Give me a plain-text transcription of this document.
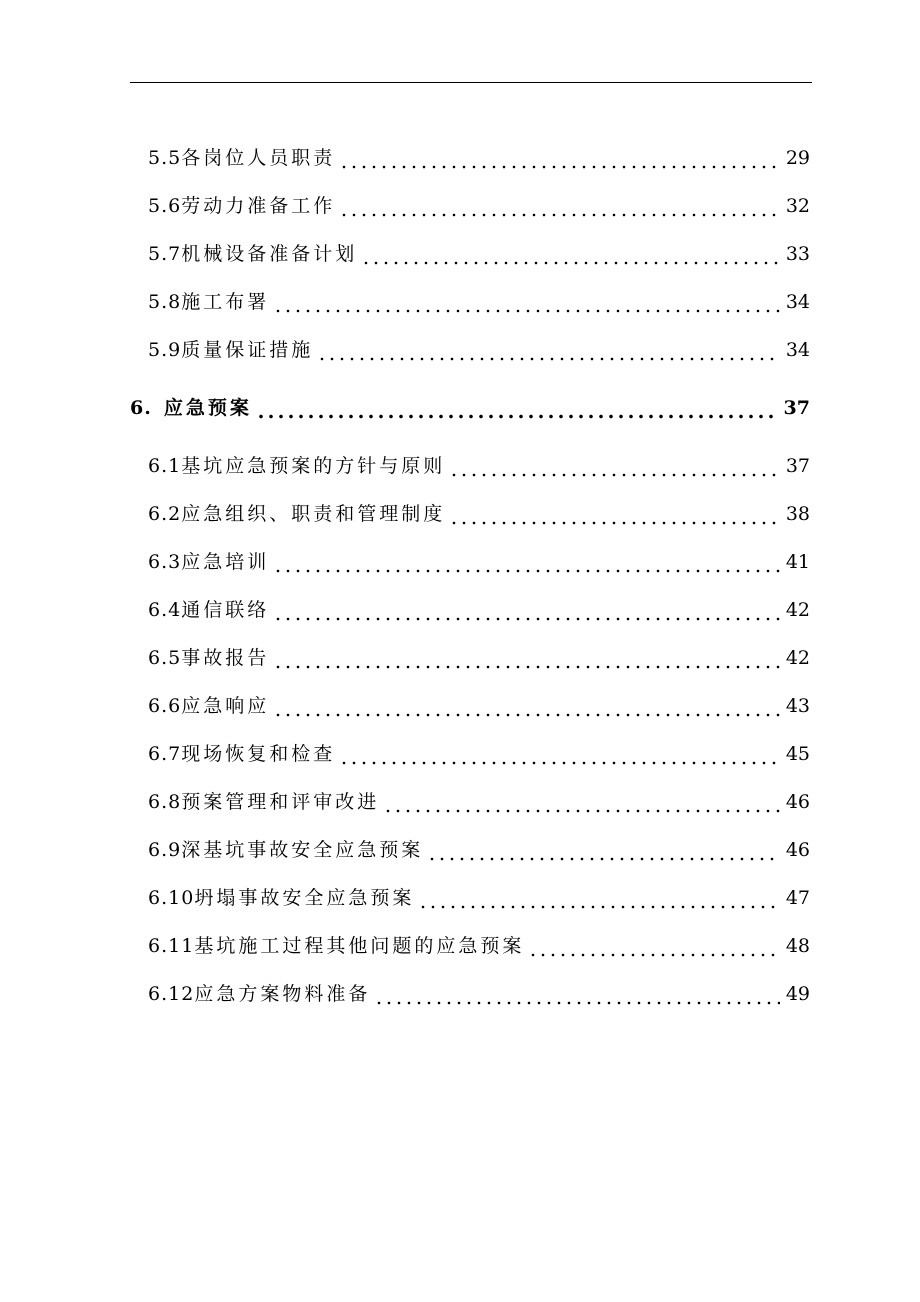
5.5 各岗位人员职责	29
5.6 劳动力准备工作	32
5.7 机械设备准备计划	33
5.8 施工布署	34
5.9 质量保证措施	34
6. 应急预案	37
6.1 基坑应急预案的方针与原则	37
6.2 应急组织、职责和管理制度	38
6.3 应急培训	41
6.4 通信联络	42
6.5 事故报告	42
6.6 应急响应	43
6.7 现场恢复和检查	45
6.8 预案管理和评审改进	46
6.9 深基坑事故安全应急预案	46
6.10 坍塌事故安全应急预案	47
6.11 基坑施工过程其他问题的应急预案	48
6.12 应急方案物料准备	49
